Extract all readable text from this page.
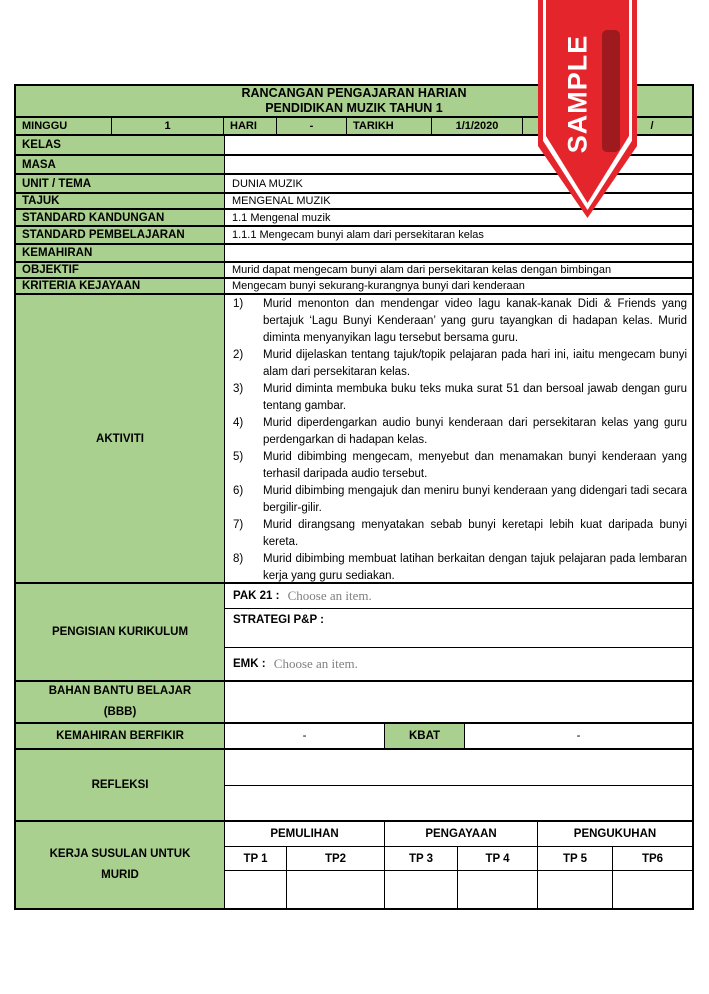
RANCANGAN PENGAJARAN HARIAN
PENDIDIKAN MUZIK TAHUN 1
MINGGU	1	HARI	-	TARIKH	1/1/2020	/
KELAS
MASA
UNIT / TEMA	DUNIA MUZIK
TAJUK	MENGENAL MUZIK
STANDARD KANDUNGAN	1.1 Mengenal muzik
STANDARD PEMBELAJARAN	1.1.1 Mengecam bunyi alam dari persekitaran kelas
KEMAHIRAN
OBJEKTIF	Murid dapat mengecam bunyi alam dari persekitaran kelas dengan bimbingan
KRITERIA KEJAYAAN	Mengecam bunyi sekurang-kurangnya bunyi dari kenderaan
AKTIVITI
1)	Murid menonton dan mendengar video lagu kanak-kanak Didi & Friends yang bertajuk ‘Lagu Bunyi Kenderaan’ yang guru tayangkan di hadapan kelas. Murid diminta menyanyikan lagu tersebut bersama guru.
2)	Murid dijelaskan tentang tajuk/topik pelajaran pada hari ini, iaitu mengecam bunyi alam dari persekitaran kelas.
3)	Murid diminta membuka buku teks muka surat 51 dan bersoal jawab dengan guru tentang gambar.
4)	Murid diperdengarkan audio bunyi kenderaan dari persekitaran kelas yang guru perdengarkan di hadapan kelas.
5)	Murid dibimbing mengecam, menyebut dan menamakan bunyi kenderaan yang terhasil daripada audio tersebut.
6)	Murid dibimbing mengajuk dan meniru bunyi kenderaan yang didengari tadi secara bergilir-gilir.
7)	Murid dirangsang menyatakan sebab bunyi keretapi lebih kuat daripada bunyi kereta.
8)	Murid dibimbing membuat latihan berkaitan dengan tajuk pelajaran pada lembaran kerja yang guru sediakan.
PENGISIAN KURIKULUM
PAK 21 : Choose an item.
STRATEGI P&P :
EMK : Choose an item.
BAHAN BANTU BELAJAR
(BBB)
KEMAHIRAN BERFIKIR	-	KBAT	-
REFLEKSI
KERJA SUSULAN UNTUK
MURID
PEMULIHAN	PENGAYAAN	PENGUKUHAN
TP 1	TP2	TP 3	TP 4	TP 5	TP6
SAMPLE
